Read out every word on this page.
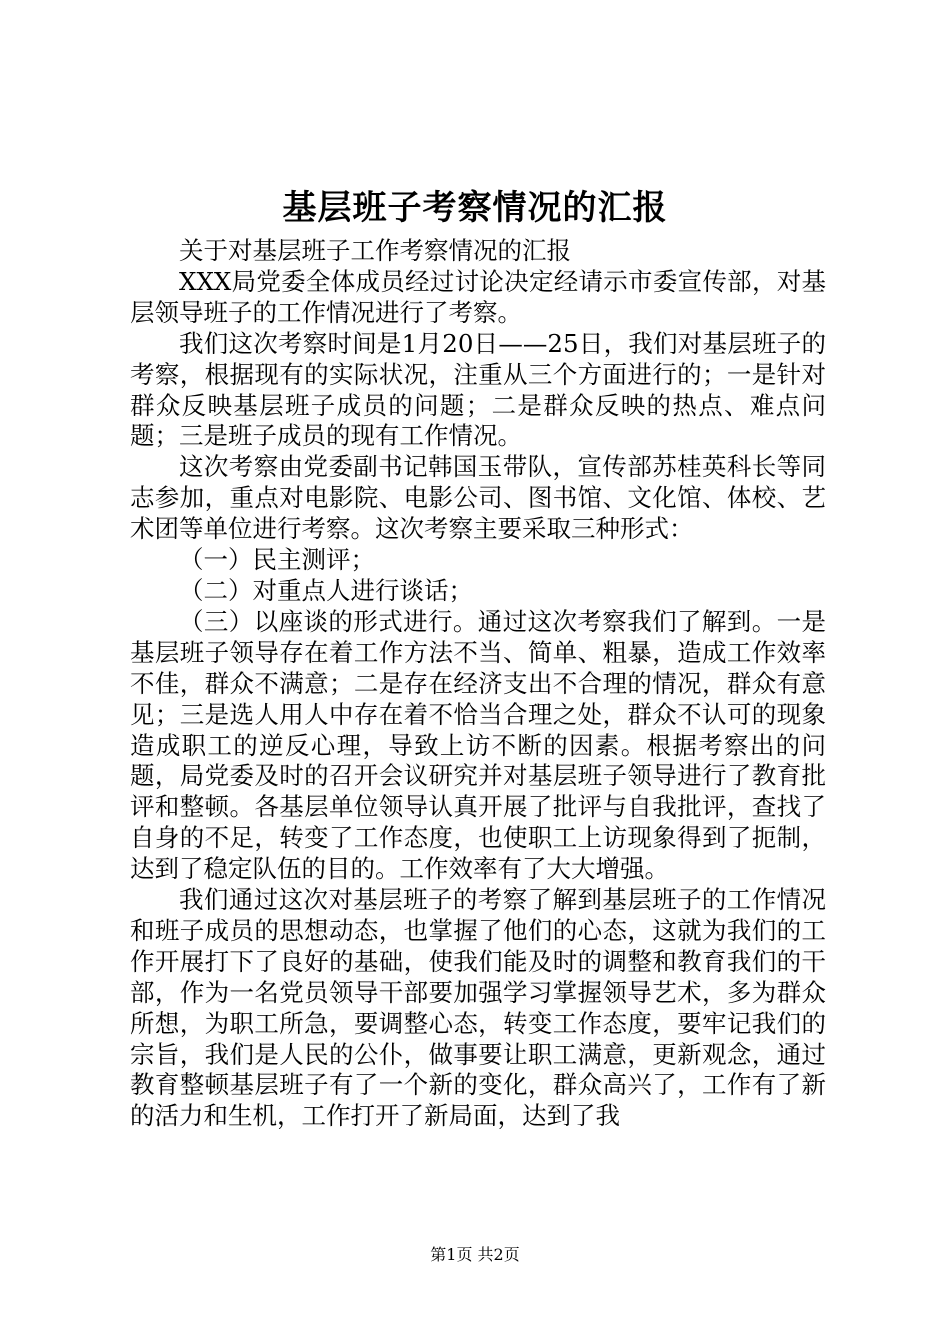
基层班子考察情况的汇报

关于对基层班子工作考察情况的汇报

XXX局党委全体成员经过讨论决定经请示市委宣传部，对基层领导班子的工作情况进行了考察。

我们这次考察时间是1月20日——25日，我们对基层班子的考察，根据现有的实际状况，注重从三个方面进行的；一是针对群众反映基层班子成员的问题；二是群众反映的热点、难点问题；三是班子成员的现有工作情况。

这次考察由党委副书记韩国玉带队，宣传部苏桂英科长等同志参加，重点对电影院、电影公司、图书馆、文化馆、体校、艺术团等单位进行考察。这次考察主要采取三种形式：

（一）民主测评；

（二）对重点人进行谈话；

（三）以座谈的形式进行。通过这次考察我们了解到。一是基层班子领导存在着工作方法不当、简单、粗暴，造成工作效率不佳，群众不满意；二是存在经济支出不合理的情况，群众有意见；三是选人用人中存在着不恰当合理之处，群众不认可的现象造成职工的逆反心理，导致上访不断的因素。根据考察出的问题，局党委及时的召开会议研究并对基层班子领导进行了教育批评和整顿。各基层单位领导认真开展了批评与自我批评，查找了自身的不足，转变了工作态度，也使职工上访现象得到了扼制，达到了稳定队伍的目的。工作效率有了大大增强。

我们通过这次对基层班子的考察了解到基层班子的工作情况和班子成员的思想动态，也掌握了他们的心态，这就为我们的工作开展打下了良好的基础，使我们能及时的调整和教育我们的干部，作为一名党员领导干部要加强学习掌握领导艺术，多为群众所想，为职工所急，要调整心态，转变工作态度，要牢记我们的宗旨，我们是人民的公仆，做事要让职工满意，更新观念，通过教育整顿基层班子有了一个新的变化，群众高兴了，工作有了新的活力和生机，工作打开了新局面，达到了我

第1页 共2页
